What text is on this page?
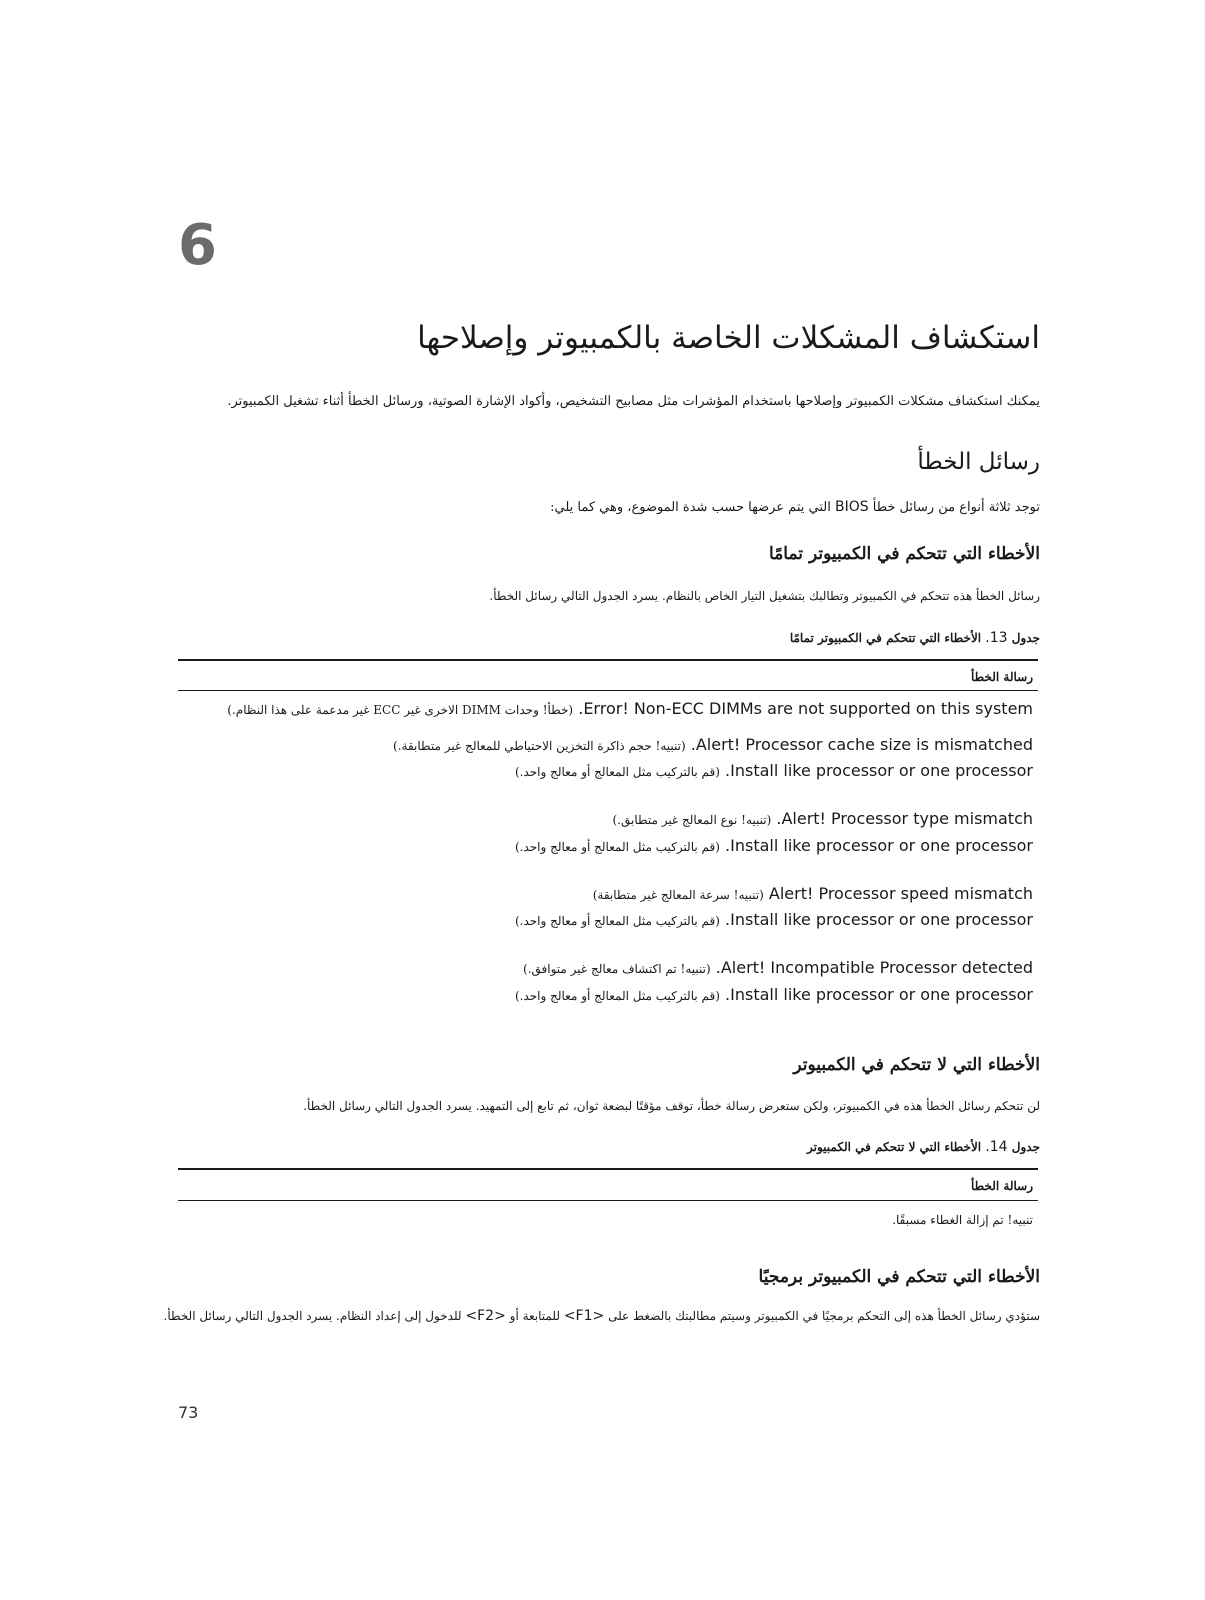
6
استكشاف المشكلات الخاصة بالكمبيوتر وإصلاحها
يمكنك استكشاف مشكلات الكمبيوتر وإصلاحها باستخدام المؤشرات مثل مصابيح التشخيص، وأكواد الإشارة الصوتية، ورسائل الخطأ أثناء تشغيل الكمبيوتر.
رسائل الخطأ
توجد ثلاثة أنواع من رسائل خطأ BIOS التي يتم عرضها حسب شدة الموضوع، وهي كما يلي:
الأخطاء التي تتحكم في الكمبيوتر تمامًا
رسائل الخطأ هذه تتحكم في الكمبيوتر وتطالبك بتشغيل التيار الخاص بالنظام. يسرد الجدول التالي رسائل الخطأ.
جدول 13. الأخطاء التي تتحكم في الكمبيوتر تمامًا
رسالة الخطأ
Error! Non-ECC DIMMs are not supported on this system. (خطأ! وحدات DIMM الاخرى غير ECC غير مدعمة على هذا النظام.)
Alert! Processor cache size is mismatched. (تنبيه! حجم ذاكرة التخزين الاحتياطي للمعالج غير متطابقة.)
Install like processor or one processor. (قم بالتركيب مثل المعالج أو معالج واحد.)
Alert! Processor type mismatch. (تنبيه! نوع المعالج غير متطابق.)
Install like processor or one processor. (قم بالتركيب مثل المعالج أو معالج واحد.)
Alert! Processor speed mismatch (تنبيه! سرعة المعالج غير متطابقة)
Install like processor or one processor. (قم بالتركيب مثل المعالج أو معالج واحد.)
Alert! Incompatible Processor detected. (تنبيه! تم اكتشاف معالج غير متوافق.)
Install like processor or one processor. (قم بالتركيب مثل المعالج أو معالج واحد.)
الأخطاء التي لا تتحكم في الكمبيوتر
لن تتحكم رسائل الخطأ هذه في الكمبيوتر، ولكن ستعرض رسالة خطأ، توقف مؤقتًا لبضعة ثوان، ثم تابع إلى التمهيد. يسرد الجدول التالي رسائل الخطأ.
جدول 14. الأخطاء التي لا تتحكم في الكمبيوتر
رسالة الخطأ
تنبيه! تم إزالة الغطاء مسبقًا.
الأخطاء التي تتحكم في الكمبيوتر برمجيًا
ستؤدي رسائل الخطأ هذه إلى التحكم برمجيًا في الكمبيوتر وسيتم مطالبتك بالضغط على <F1> للمتابعة أو <F2> للدخول إلى إعداد النظام. يسرد الجدول التالي رسائل الخطأ.
73
